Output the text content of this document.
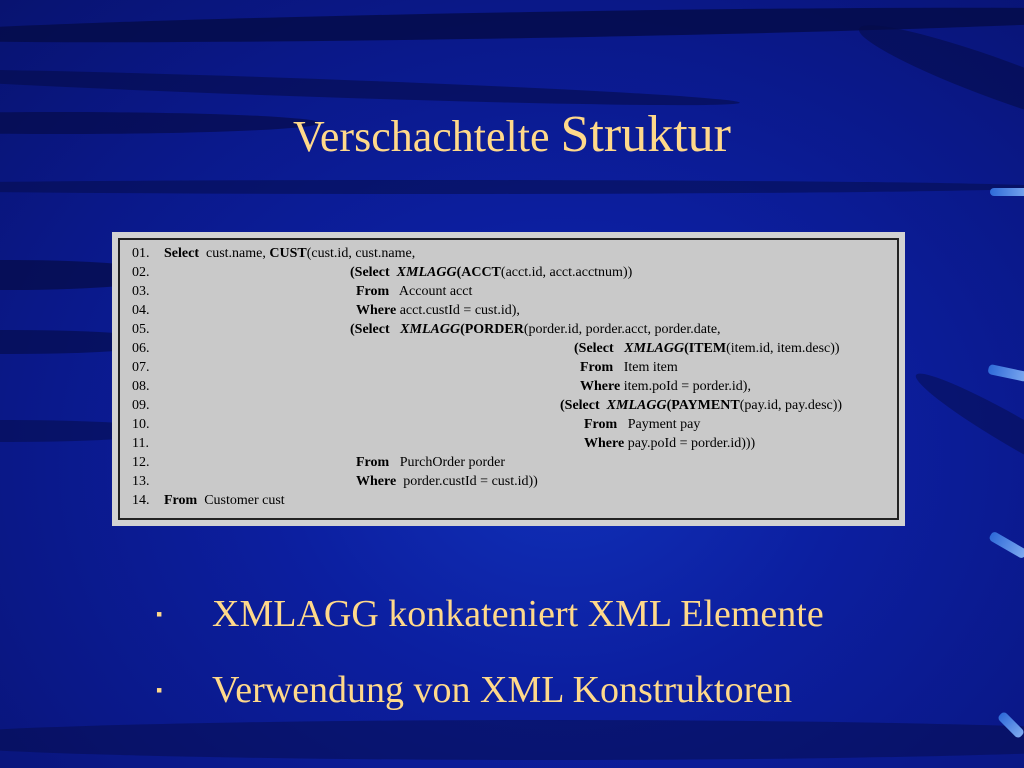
Verschachtelte Struktur
01. Select  cust.name, CUST(cust.id, cust.name,
02.	(Select XMLAGG(ACCT(acct.id, acct.acctnum))
03.	From   Account acct
04.	Where acct.custId = cust.id),
05.	(Select XMLAGG(PORDER(porder.id, porder.acct, porder.date,
06.	(Select XMLAGG(ITEM(item.id, item.desc))
07.	From   Item item
08.	Where item.poId = porder.id),
09.	(Select XMLAGG(PAYMENT(pay.id, pay.desc))
10.	From   Payment pay
11.	Where pay.poId = porder.id)))
12.	From   PurchOrder porder
13.	Where  porder.custId = cust.id))
14. From  Customer cust
▪ XMLAGG konkateniert XML Elemente
▪ Verwendung von XML Konstruktoren
